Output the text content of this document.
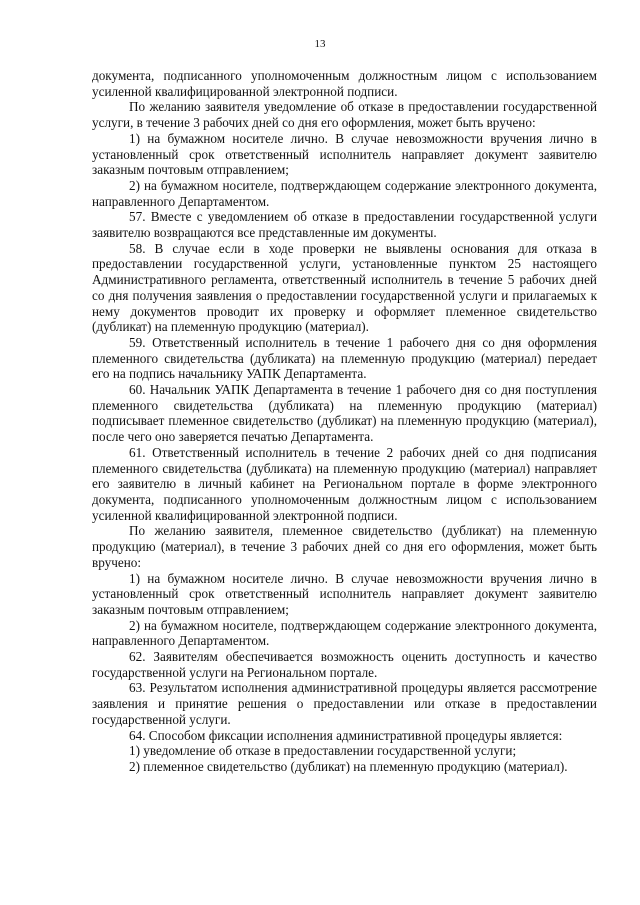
13

документа, подписанного уполномоченным должностным лицом с использованием усиленной квалифицированной электронной подписи.

По желанию заявителя уведомление об отказе в предоставлении государственной услуги, в течение 3 рабочих дней со дня его оформления, может быть вручено:

1) на бумажном носителе лично. В случае невозможности вручения лично в установленный срок ответственный исполнитель направляет документ заявителю заказным почтовым отправлением;

2) на бумажном носителе, подтверждающем содержание электронного документа, направленного Департаментом.

57. Вместе с уведомлением об отказе в предоставлении государственной услуги заявителю возвращаются все представленные им документы.

58. В случае если в ходе проверки не выявлены основания для отказа в предоставлении государственной услуги, установленные пунктом 25 настоящего Административного регламента, ответственный исполнитель в течение 5 рабочих дней со дня получения заявления о предоставлении государственной услуги и прилагаемых к нему документов проводит их проверку и оформляет племенное свидетельство (дубликат) на племенную продукцию (материал).

59. Ответственный исполнитель в течение 1 рабочего дня со дня оформления племенного свидетельства (дубликата) на племенную продукцию (материал) передает его на подпись начальнику УАПК Департамента.

60. Начальник УАПК Департамента в течение 1 рабочего дня со дня поступления племенного свидетельства (дубликата) на племенную продукцию (материал) подписывает племенное свидетельство (дубликат) на племенную продукцию (материал), после чего оно заверяется печатью Департамента.

61. Ответственный исполнитель в течение 2 рабочих дней со дня подписания племенного свидетельства (дубликата) на племенную продукцию (материал) направляет его заявителю в личный кабинет на Региональном портале в форме электронного документа, подписанного уполномоченным должностным лицом с использованием усиленной квалифицированной электронной подписи.

По желанию заявителя, племенное свидетельство (дубликат) на племенную продукцию (материал), в течение 3 рабочих дней со дня его оформления, может быть вручено:

1) на бумажном носителе лично. В случае невозможности вручения лично в установленный срок ответственный исполнитель направляет документ заявителю заказным почтовым отправлением;

2) на бумажном носителе, подтверждающем содержание электронного документа, направленного Департаментом.

62. Заявителям обеспечивается возможность оценить доступность и качество государственной услуги на Региональном портале.

63. Результатом исполнения административной процедуры является рассмотрение заявления и принятие решения о предоставлении или отказе в предоставлении государственной услуги.

64. Способом фиксации исполнения административной процедуры является:

1) уведомление об отказе в предоставлении государственной услуги;

2) племенное свидетельство (дубликат) на племенную продукцию (материал).
